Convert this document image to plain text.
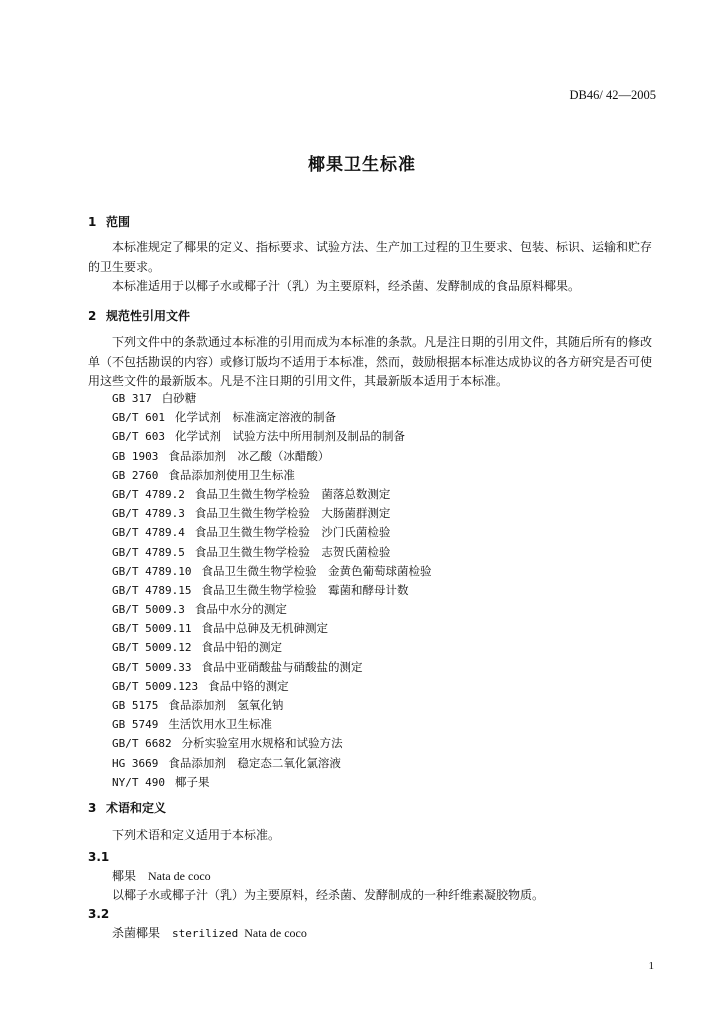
DB46/ 42—2005
椰果卫生标准
1 范围
本标准规定了椰果的定义、指标要求、试验方法、生产加工过程的卫生要求、包装、标识、运输和贮存的卫生要求。
本标准适用于以椰子水或椰子汁（乳）为主要原料，经杀菌、发酵制成的食品原料椰果。
2 规范性引用文件
下列文件中的条款通过本标准的引用而成为本标准的条款。凡是注日期的引用文件，其随后所有的修改单（不包括勘误的内容）或修订版均不适用于本标准，然而，鼓励根据本标准达成协议的各方研究是否可使用这些文件的最新版本。凡是不注日期的引用文件，其最新版本适用于本标准。
GB 317 白砂糖
GB/T 601 化学试剂　标准滴定溶液的制备
GB/T 603 化学试剂　试验方法中所用制剂及制品的制备
GB 1903 食品添加剂　冰乙酸（冰醋酸）
GB 2760 食品添加剂使用卫生标准
GB/T 4789.2 食品卫生微生物学检验　菌落总数测定
GB/T 4789.3 食品卫生微生物学检验　大肠菌群测定
GB/T 4789.4 食品卫生微生物学检验　沙门氏菌检验
GB/T 4789.5 食品卫生微生物学检验　志贺氏菌检验
GB/T 4789.10 食品卫生微生物学检验　金黄色葡萄球菌检验
GB/T 4789.15 食品卫生微生物学检验　霉菌和酵母计数
GB/T 5009.3 食品中水分的测定
GB/T 5009.11 食品中总砷及无机砷测定
GB/T 5009.12 食品中铅的测定
GB/T 5009.33 食品中亚硝酸盐与硝酸盐的测定
GB/T 5009.123 食品中铬的测定
GB 5175 食品添加剂　氢氧化钠
GB 5749 生活饮用水卫生标准
GB/T 6682 分析实验室用水规格和试验方法
HG 3669 食品添加剂　稳定态二氧化氯溶液
NY/T 490 椰子果
3 术语和定义
下列术语和定义适用于本标准。
3.1
椰果 Nata de coco
以椰子水或椰子汁（乳）为主要原料，经杀菌、发酵制成的一种纤维素凝胶物质。
3.2
杀菌椰果 sterilized Nata de coco
1
